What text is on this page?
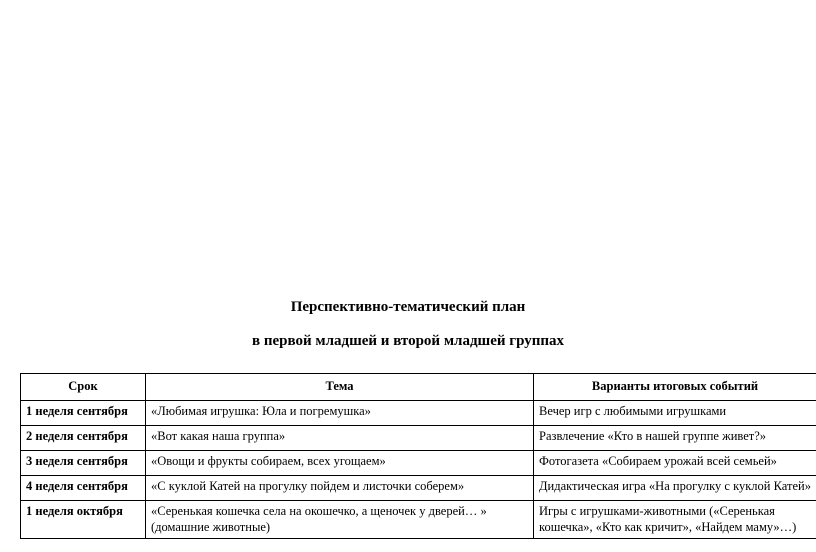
Перспективно-тематический план
в первой младшей и второй младшей группах
Срок	Тема	Варианты итоговых событий
1 неделя сентября	«Любимая игрушка: Юла и погремушка»	Вечер игр с любимыми игрушками
2 неделя сентября	«Вот какая наша группа»	Развлечение «Кто в нашей группе живет?»
3 неделя сентября	«Овощи и фрукты собираем, всех угощаем»	Фотогазета «Собираем урожай всей семьей»
4 неделя сентября	«С куклой Катей на прогулку пойдем и листочки соберем»	Дидактическая игра «На прогулку с куклой Катей»
1 неделя октября	«Серенькая кошечка села на окошечко, а щеночек у дверей… » (домашние животные)	Игры с игрушками-животными («Серенькая кошечка», «Кто как кричит», «Найдем маму»…)
